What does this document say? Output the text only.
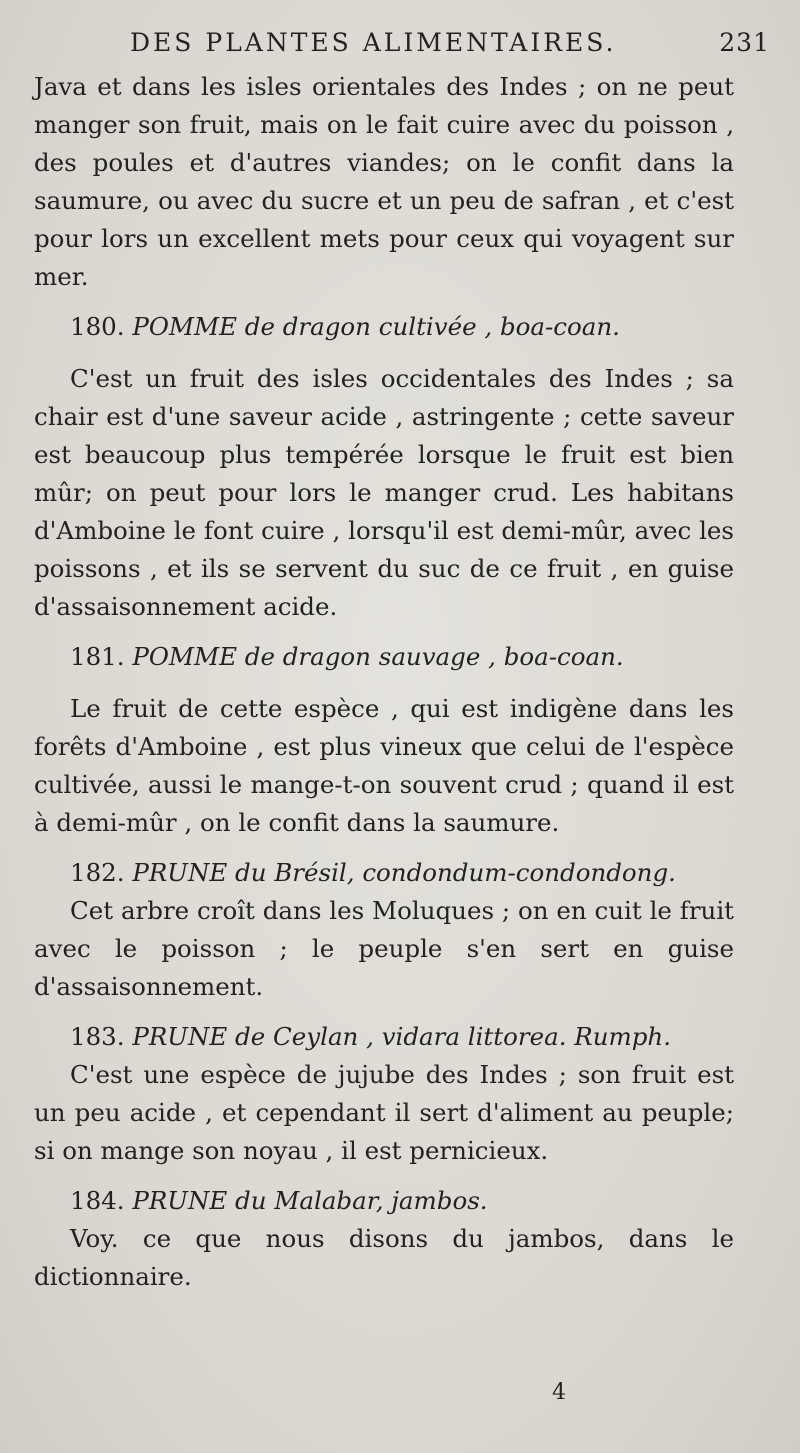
DES PLANTES ALIMENTAIRES.	231

Java et dans les isles orientales des Indes ; on ne peut manger son fruit, mais on le fait cuire avec du poisson , des poules et d'autres viandes; on le confit dans la saumure, ou avec du sucre et un peu de safran , et c'est pour lors un excellent mets pour ceux qui voyagent sur mer.

180. POMME de dragon cultivée , boa-coan.

C'est un fruit des isles occidentales des Indes ; sa chair est d'une saveur acide , astringente ; cette saveur est beaucoup plus tempérée lorsque le fruit est bien mûr; on peut pour lors le manger crud. Les habitans d'Amboine le font cuire , lorsqu'il est demi-mûr, avec les poissons , et ils se servent du suc de ce fruit , en guise d'assaisonnement acide.

181. POMME de dragon sauvage , boa-coan.

Le fruit de cette espèce , qui est indigène dans les forêts d'Amboine , est plus vineux que celui de l'espèce cultivée, aussi le mange-t-on souvent crud ; quand il est à demi-mûr , on le confit dans la saumure.

182. PRUNE du Brésil, condondum-condondong.

Cet arbre croît dans les Moluques ; on en cuit le fruit avec le poisson ; le peuple s'en sert en guise d'assaisonnement.

183. PRUNE de Ceylan , vidara littorea. Rumph.

C'est une espèce de jujube des Indes ; son fruit est un peu acide , et cependant il sert d'aliment au peuple; si on mange son noyau , il est pernicieux.

184. PRUNE du Malabar, jambos.

Voy. ce que nous disons du jambos, dans le dictionnaire.

4
